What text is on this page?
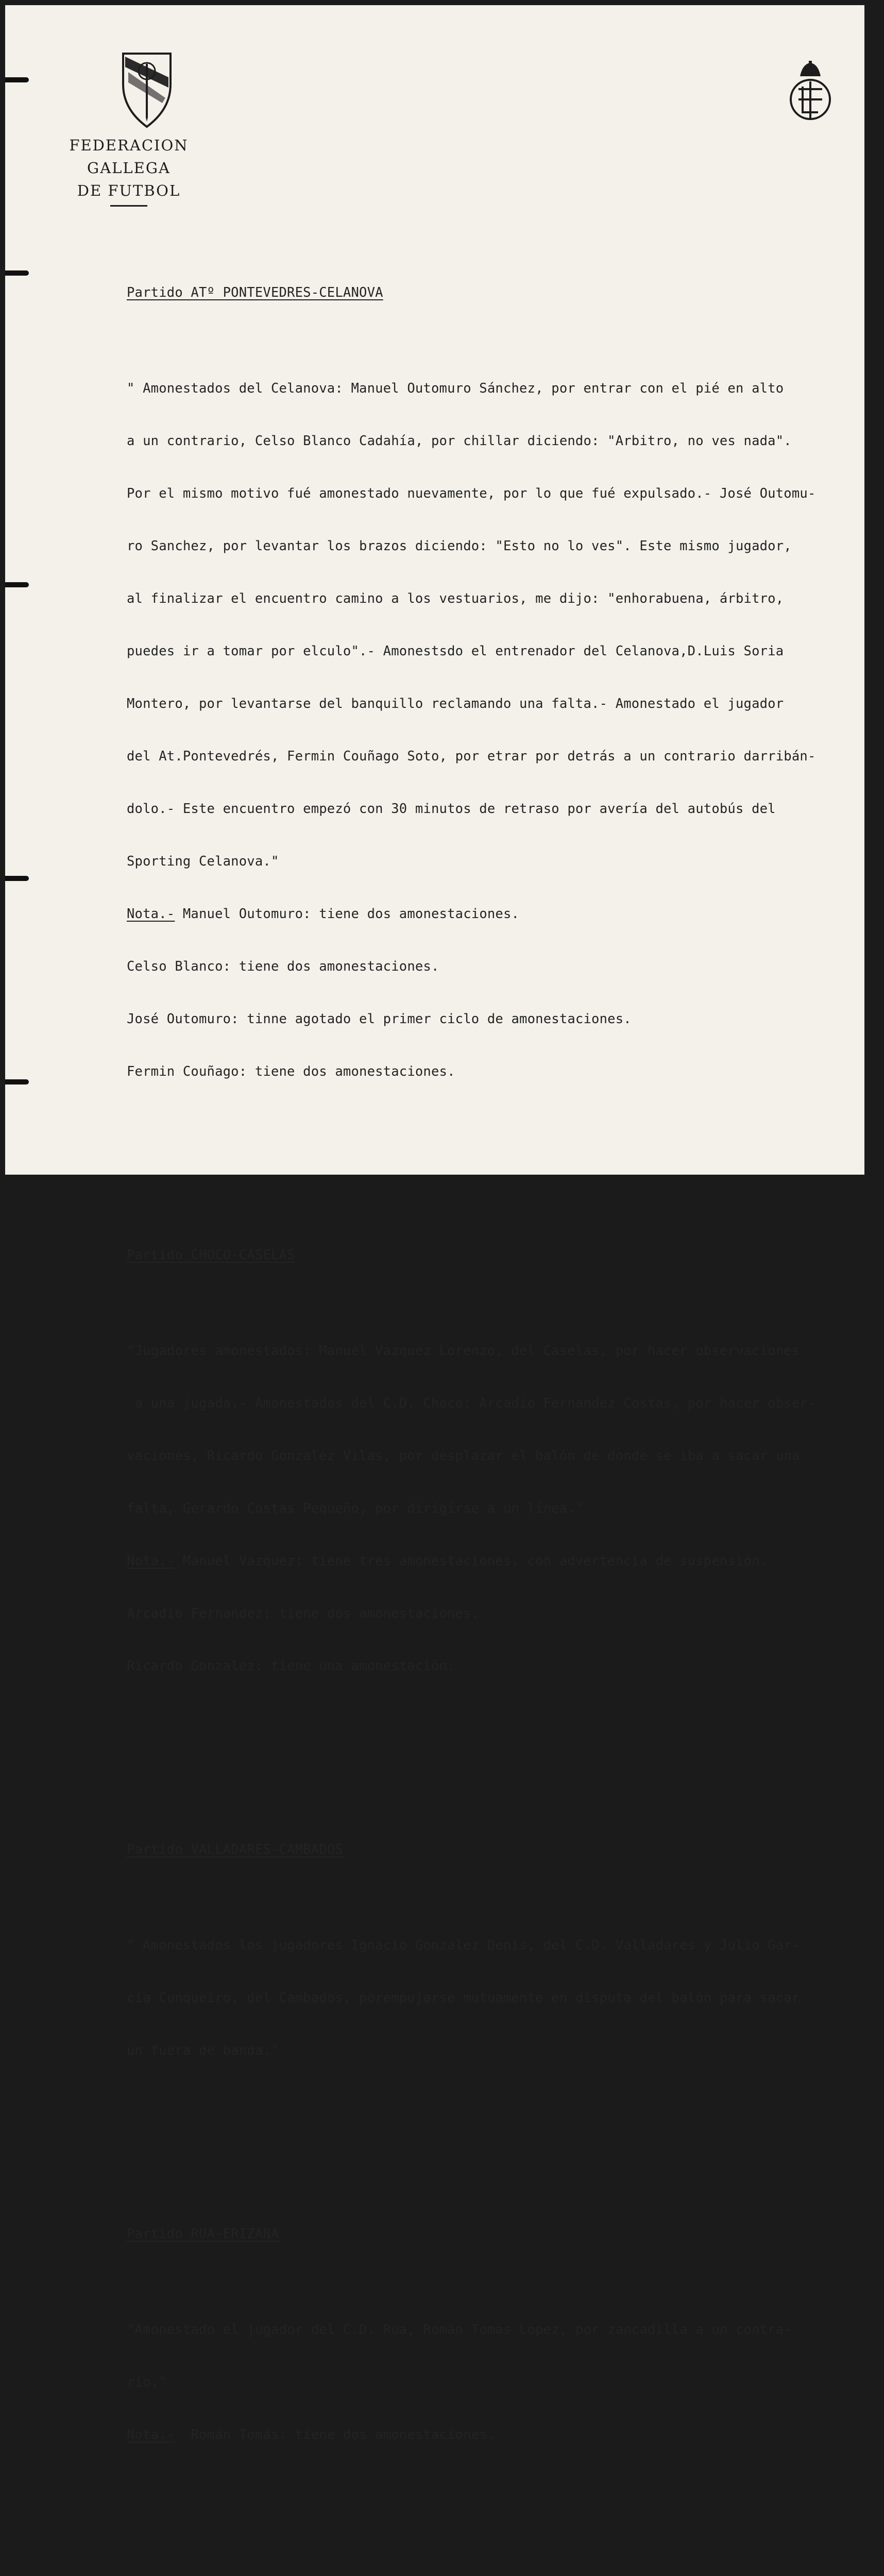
FEDERACION GALLEGA
DE FUTBOL

Partido ATº PONTEVEDRES-CELANOVA

" Amonestados del Celanova: Manuel Outomuro Sánchez, por entrar con el pié en alto

a un contrario, Celso Blanco Cadahía, por chillar diciendo: "Arbitro, no ves nada".

Por el mismo motivo fué amonestado nuevamente, por lo que fué expulsado.- José Outomu-

ro Sanchez, por levantar los brazos diciendo: "Esto no lo ves". Este mismo jugador,

al finalizar el encuentro camino a los vestuarios, me dijo: "enhorabuena, árbitro,

puedes ir a tomar por elculo".- Amonestsdo el entrenador del Celanova,D.Luis Soria

Montero, por levantarse del banquillo reclamando una falta.- Amonestado el jugador

del At.Pontevedrés, Fermin Couñago Soto, por etrar por detrás a un contrario darribán-

dolo.- Este encuentro empezó con 30 minutos de retraso por avería del autobús del

Sporting Celanova."

Nota.- Manuel Outomuro: tiene dos amonestaciones.

Celso Blanco: tiene dos amonestaciones.

José Outomuro: tinne agotado el primer ciclo de amonestaciones.

Fermin Couñago: tiene dos amonestaciones.

Partido CHOCO-CASELAS

"Jugadores amonestados: Manuel Vazquez Lorenzo, del Caselas, por hacer observaciones

a una jugada.- Amonestados del C.D. Choco: Arcadio Fernandez Costas, por hacer obser-

vaciones, Ricardo Gonzalez Vilas, por desplazar el balón de donde se iba a sacar una

falta, Gerardo Costas Pequeño, por dirigirse a un línea."

Nota.- Manuel Vazquez: tiene tres amonestaciones, con advertencia de suspensión.

Arcadio Fernandez: tiene dos amonestaciones.

Ricardo Gonzalez: tiene una amonestación.

Partido VALLADARES-CAMBADOS

" Amonestados los jugadores Ignacio Gonzalez Denis, del C.D. Valladares y Julio Gar-

cia Cunqueiro, del Cambados, porempujarse mutuamente en disputa del balón para sacar

un fuera de banda."

Partido RUA-ERIZANA

"Amonestado el jugador del C.D. Rua, Román Tomás López, por zancadilla a un contra-

rio."

Nota.-  Román Tomás: tiene dos amonestaciones.
